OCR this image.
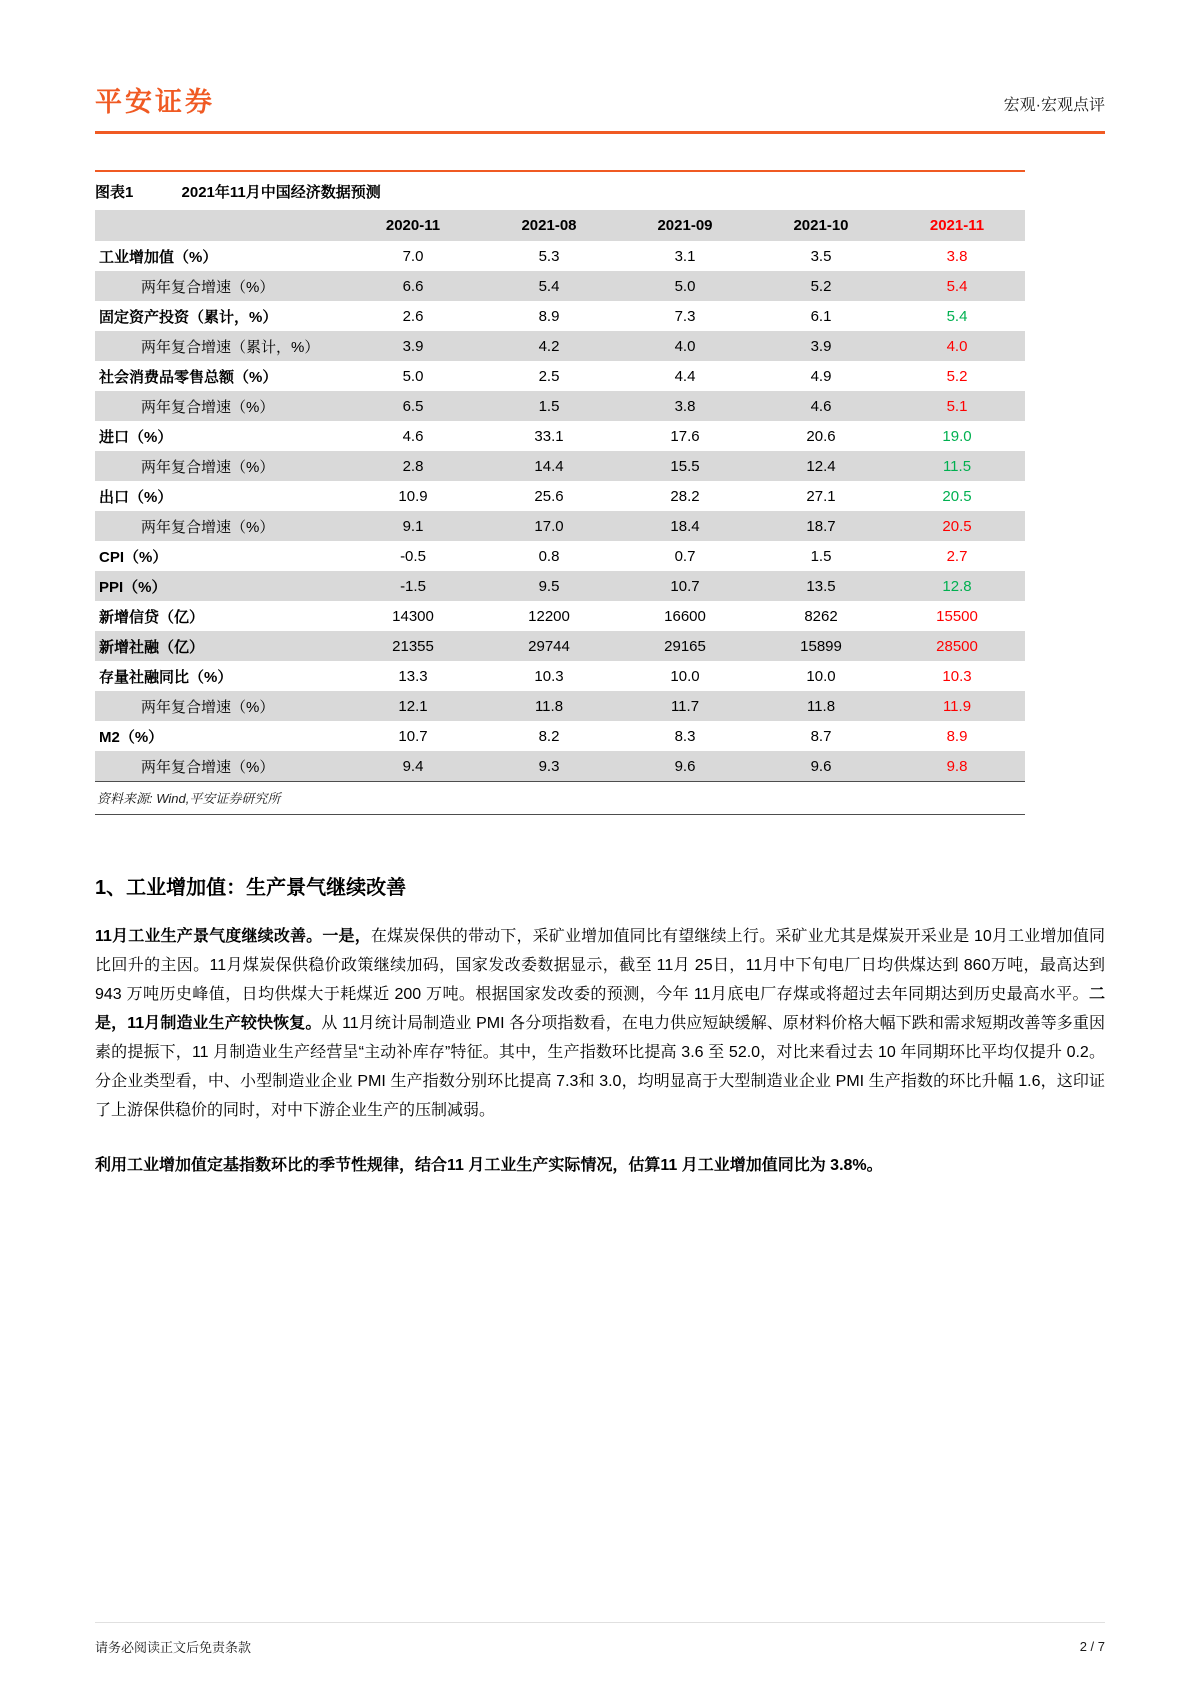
平安证券	宏观·宏观点评
图表1	2021年11月中国经济数据预测
	2020-11	2021-08	2021-09	2021-10	2021-11
工业增加值（%）	7.0	5.3	3.1	3.5	3.8
两年复合增速（%）	6.6	5.4	5.0	5.2	5.4
固定资产投资（累计，%）	2.6	8.9	7.3	6.1	5.4
两年复合增速（累计，%）	3.9	4.2	4.0	3.9	4.0
社会消费品零售总额（%）	5.0	2.5	4.4	4.9	5.2
两年复合增速（%）	6.5	1.5	3.8	4.6	5.1
进口（%）	4.6	33.1	17.6	20.6	19.0
两年复合增速（%）	2.8	14.4	15.5	12.4	11.5
出口（%）	10.9	25.6	28.2	27.1	20.5
两年复合增速（%）	9.1	17.0	18.4	18.7	20.5
CPI（%）	-0.5	0.8	0.7	1.5	2.7
PPI（%）	-1.5	9.5	10.7	13.5	12.8
新增信贷（亿）	14300	12200	16600	8262	15500
新增社融（亿）	21355	29744	29165	15899	28500
存量社融同比（%）	13.3	10.3	10.0	10.0	10.3
两年复合增速（%）	12.1	11.8	11.7	11.8	11.9
M2（%）	10.7	8.2	8.3	8.7	8.9
两年复合增速（%）	9.4	9.3	9.6	9.6	9.8
资料来源: Wind,平安证券研究所
1、工业增加值：生产景气继续改善

11月工业生产景气度继续改善。一是，在煤炭保供的带动下，采矿业增加值同比有望继续上行。采矿业尤其是煤炭开采业是 10月工业增加值同比回升的主因。11月煤炭保供稳价政策继续加码，国家发改委数据显示，截至 11月 25日，11月中下旬电厂日均供煤达到 860万吨，最高达到 943 万吨历史峰值，日均供煤大于耗煤近 200 万吨。根据国家发改委的预测，今年 11月底电厂存煤或将超过去年同期达到历史最高水平。二是，11月制造业生产较快恢复。从 11月统计局制造业 PMI 各分项指数看，在电力供应短缺缓解、原材料价格大幅下跌和需求短期改善等多重因素的提振下，11 月制造业生产经营呈“主动补库存”特征。其中，生产指数环比提高 3.6 至 52.0，对比来看过去 10 年同期环比平均仅提升 0.2。分企业类型看，中、小型制造业企业 PMI 生产指数分别环比提高 7.3和 3.0，均明显高于大型制造业企业 PMI 生产指数的环比升幅 1.6，这印证了上游保供稳价的同时，对中下游企业生产的压制减弱。

利用工业增加值定基指数环比的季节性规律，结合11 月工业生产实际情况，估算11 月工业增加值同比为 3.8%。

请务必阅读正文后免责条款	2 / 7
